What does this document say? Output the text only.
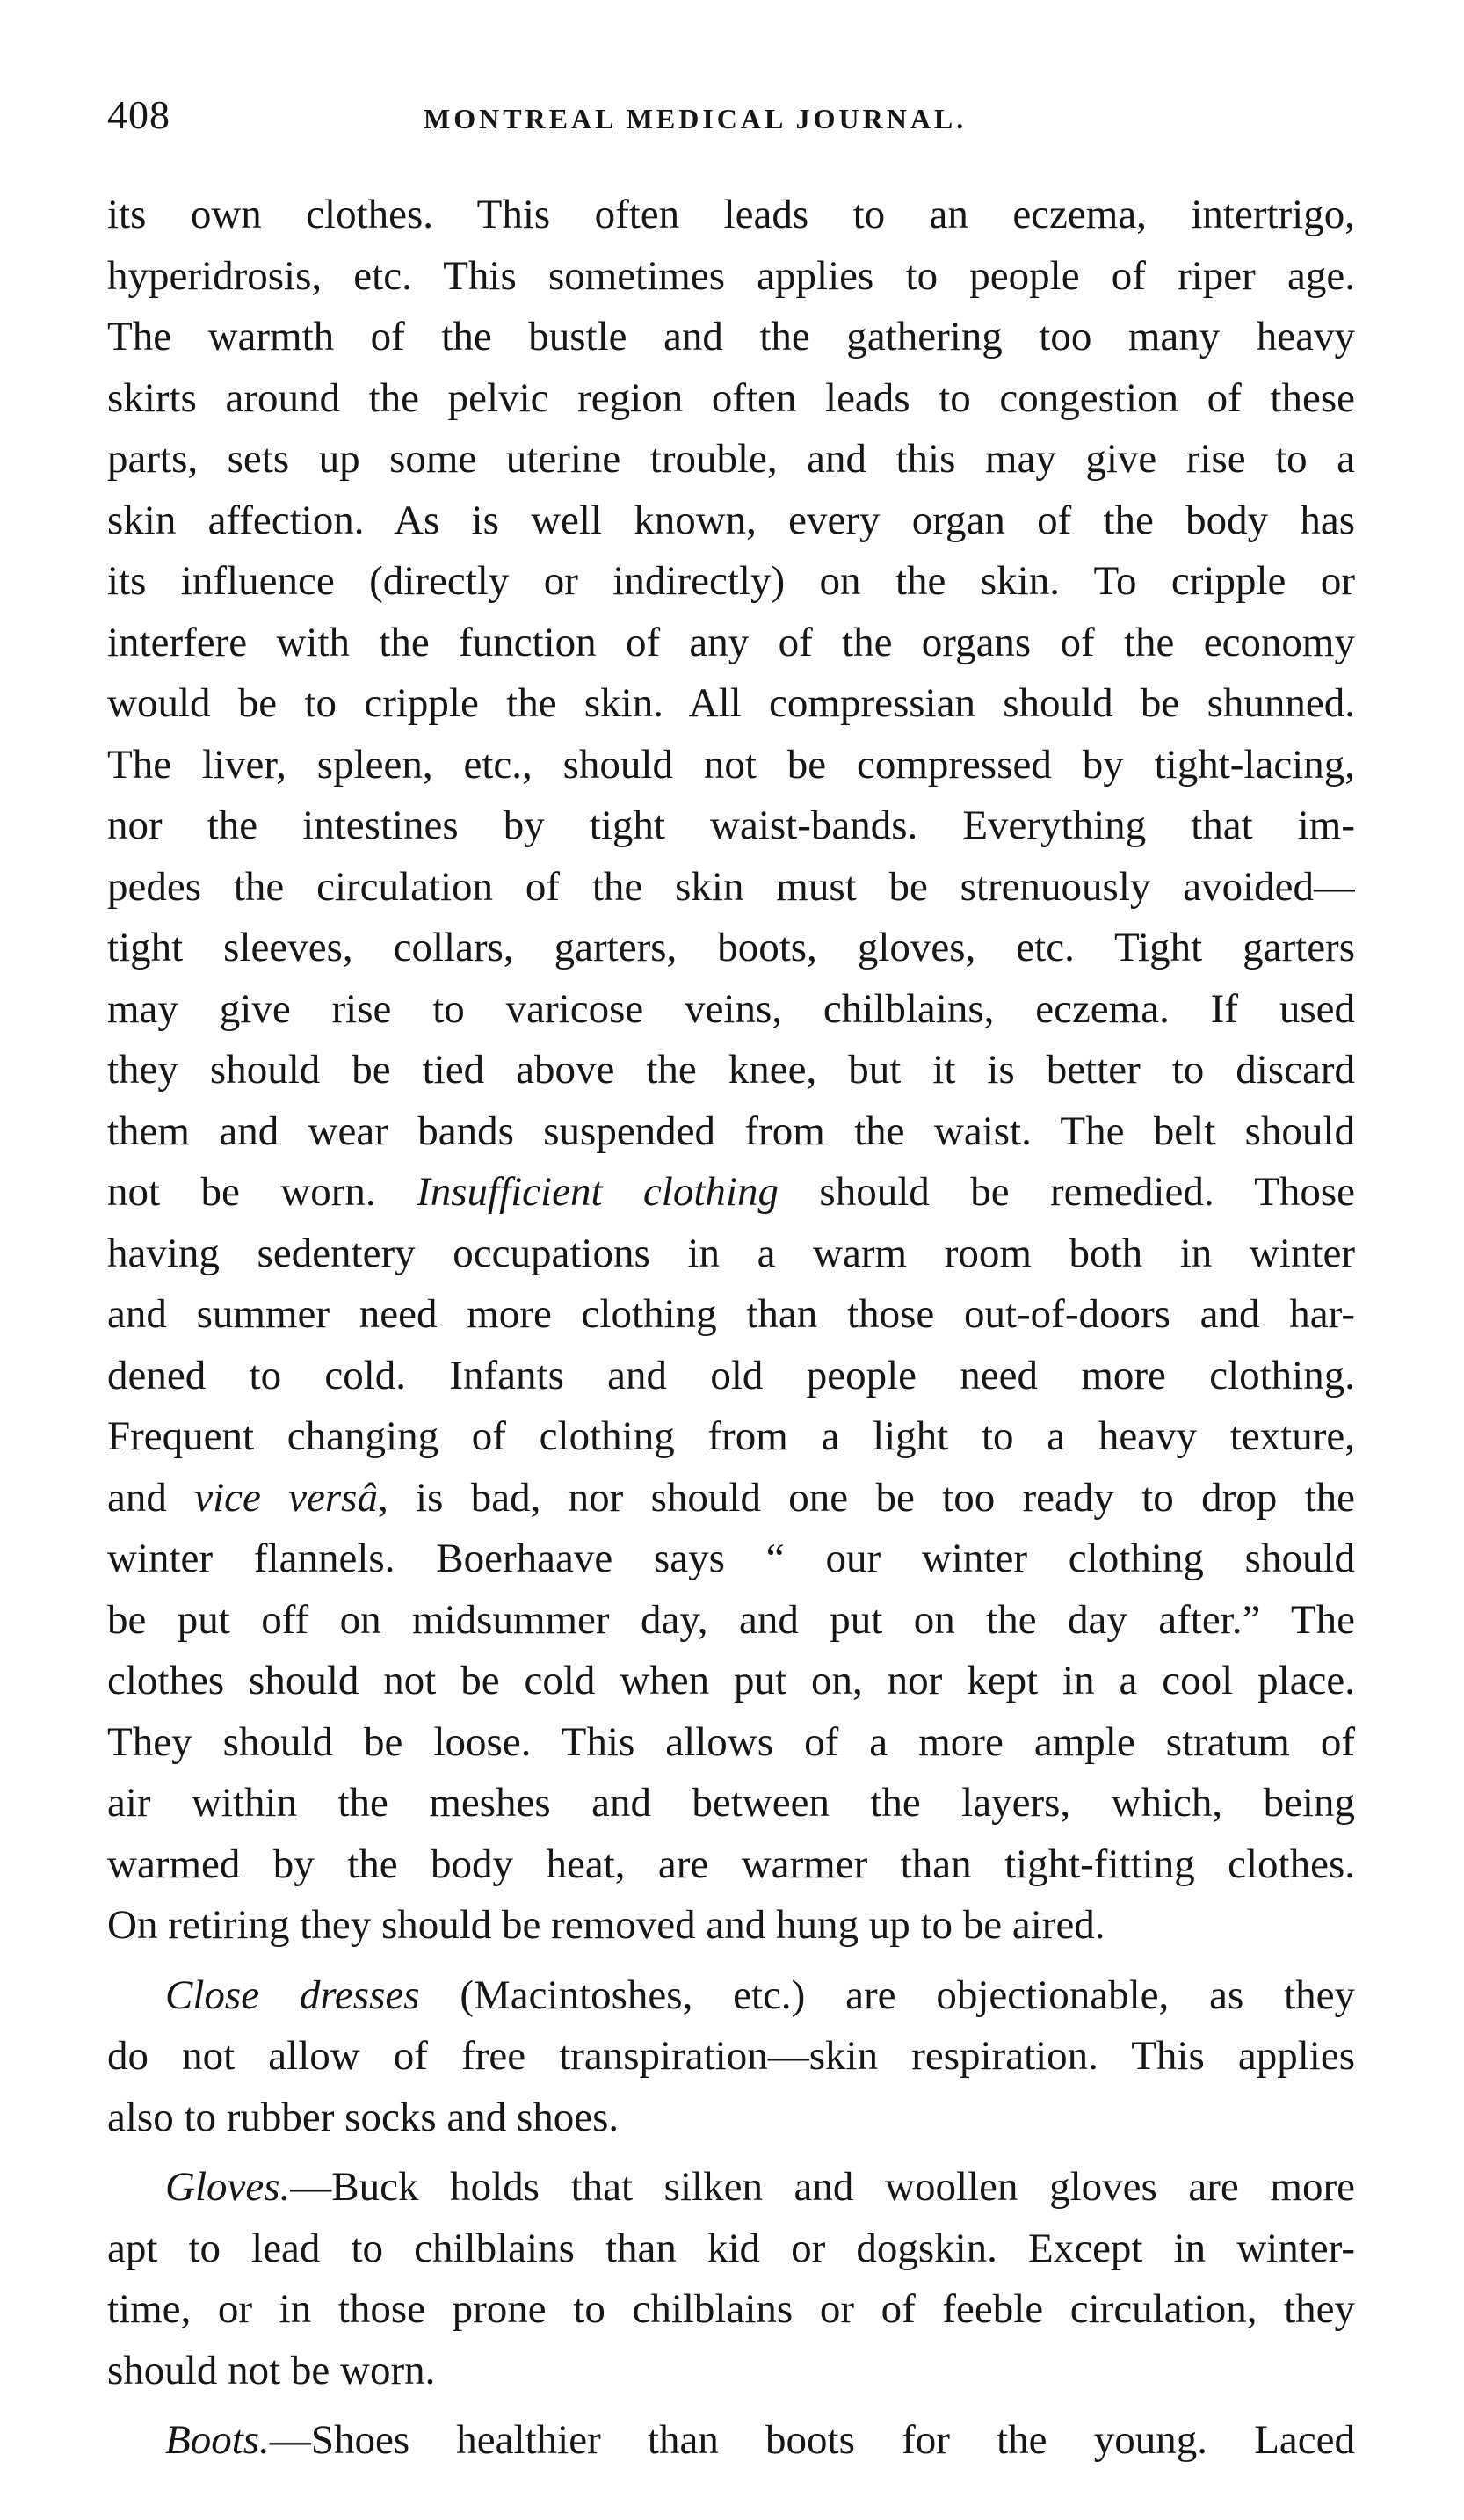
408	MONTREAL MEDICAL JOURNAL.
its own clothes. This often leads to an eczema, intertrigo,
hyperidrosis, etc. This sometimes applies to people of riper age.
The warmth of the bustle and the gathering too many heavy
skirts around the pelvic region often leads to congestion of these
parts, sets up some uterine trouble, and this may give rise to a
skin affection. As is well known, every organ of the body has
its influence (directly or indirectly) on the skin. To cripple or
interfere with the function of any of the organs of the economy
would be to cripple the skin. All compressian should be shunned.
The liver, spleen, etc., should not be compressed by tight-lacing,
nor the intestines by tight waist-bands. Everything that im-
pedes the circulation of the skin must be strenuously avoided—
tight sleeves, collars, garters, boots, gloves, etc. Tight garters
may give rise to varicose veins, chilblains, eczema. If used
they should be tied above the knee, but it is better to discard
them and wear bands suspended from the waist. The belt should
not be worn. Insufficient clothing should be remedied. Those
having sedentery occupations in a warm room both in winter
and summer need more clothing than those out-of-doors and har-
dened to cold. Infants and old people need more clothing.
Frequent changing of clothing from a light to a heavy texture,
and vice versâ, is bad, nor should one be too ready to drop the
winter flannels. Boerhaave says “ our winter clothing should
be put off on midsummer day, and put on the day after.” The
clothes should not be cold when put on, nor kept in a cool place.
They should be loose. This allows of a more ample stratum of
air within the meshes and between the layers, which, being
warmed by the body heat, are warmer than tight-fitting clothes.
On retiring they should be removed and hung up to be aired.
Close dresses (Macintoshes, etc.) are objectionable, as they
do not allow of free transpiration—skin respiration. This applies
also to rubber socks and shoes.
Gloves.—Buck holds that silken and woollen gloves are more
apt to lead to chilblains than kid or dogskin. Except in winter-
time, or in those prone to chilblains or of feeble circulation, they
should not be worn.
Boots.—Shoes healthier than boots for the young. Laced
